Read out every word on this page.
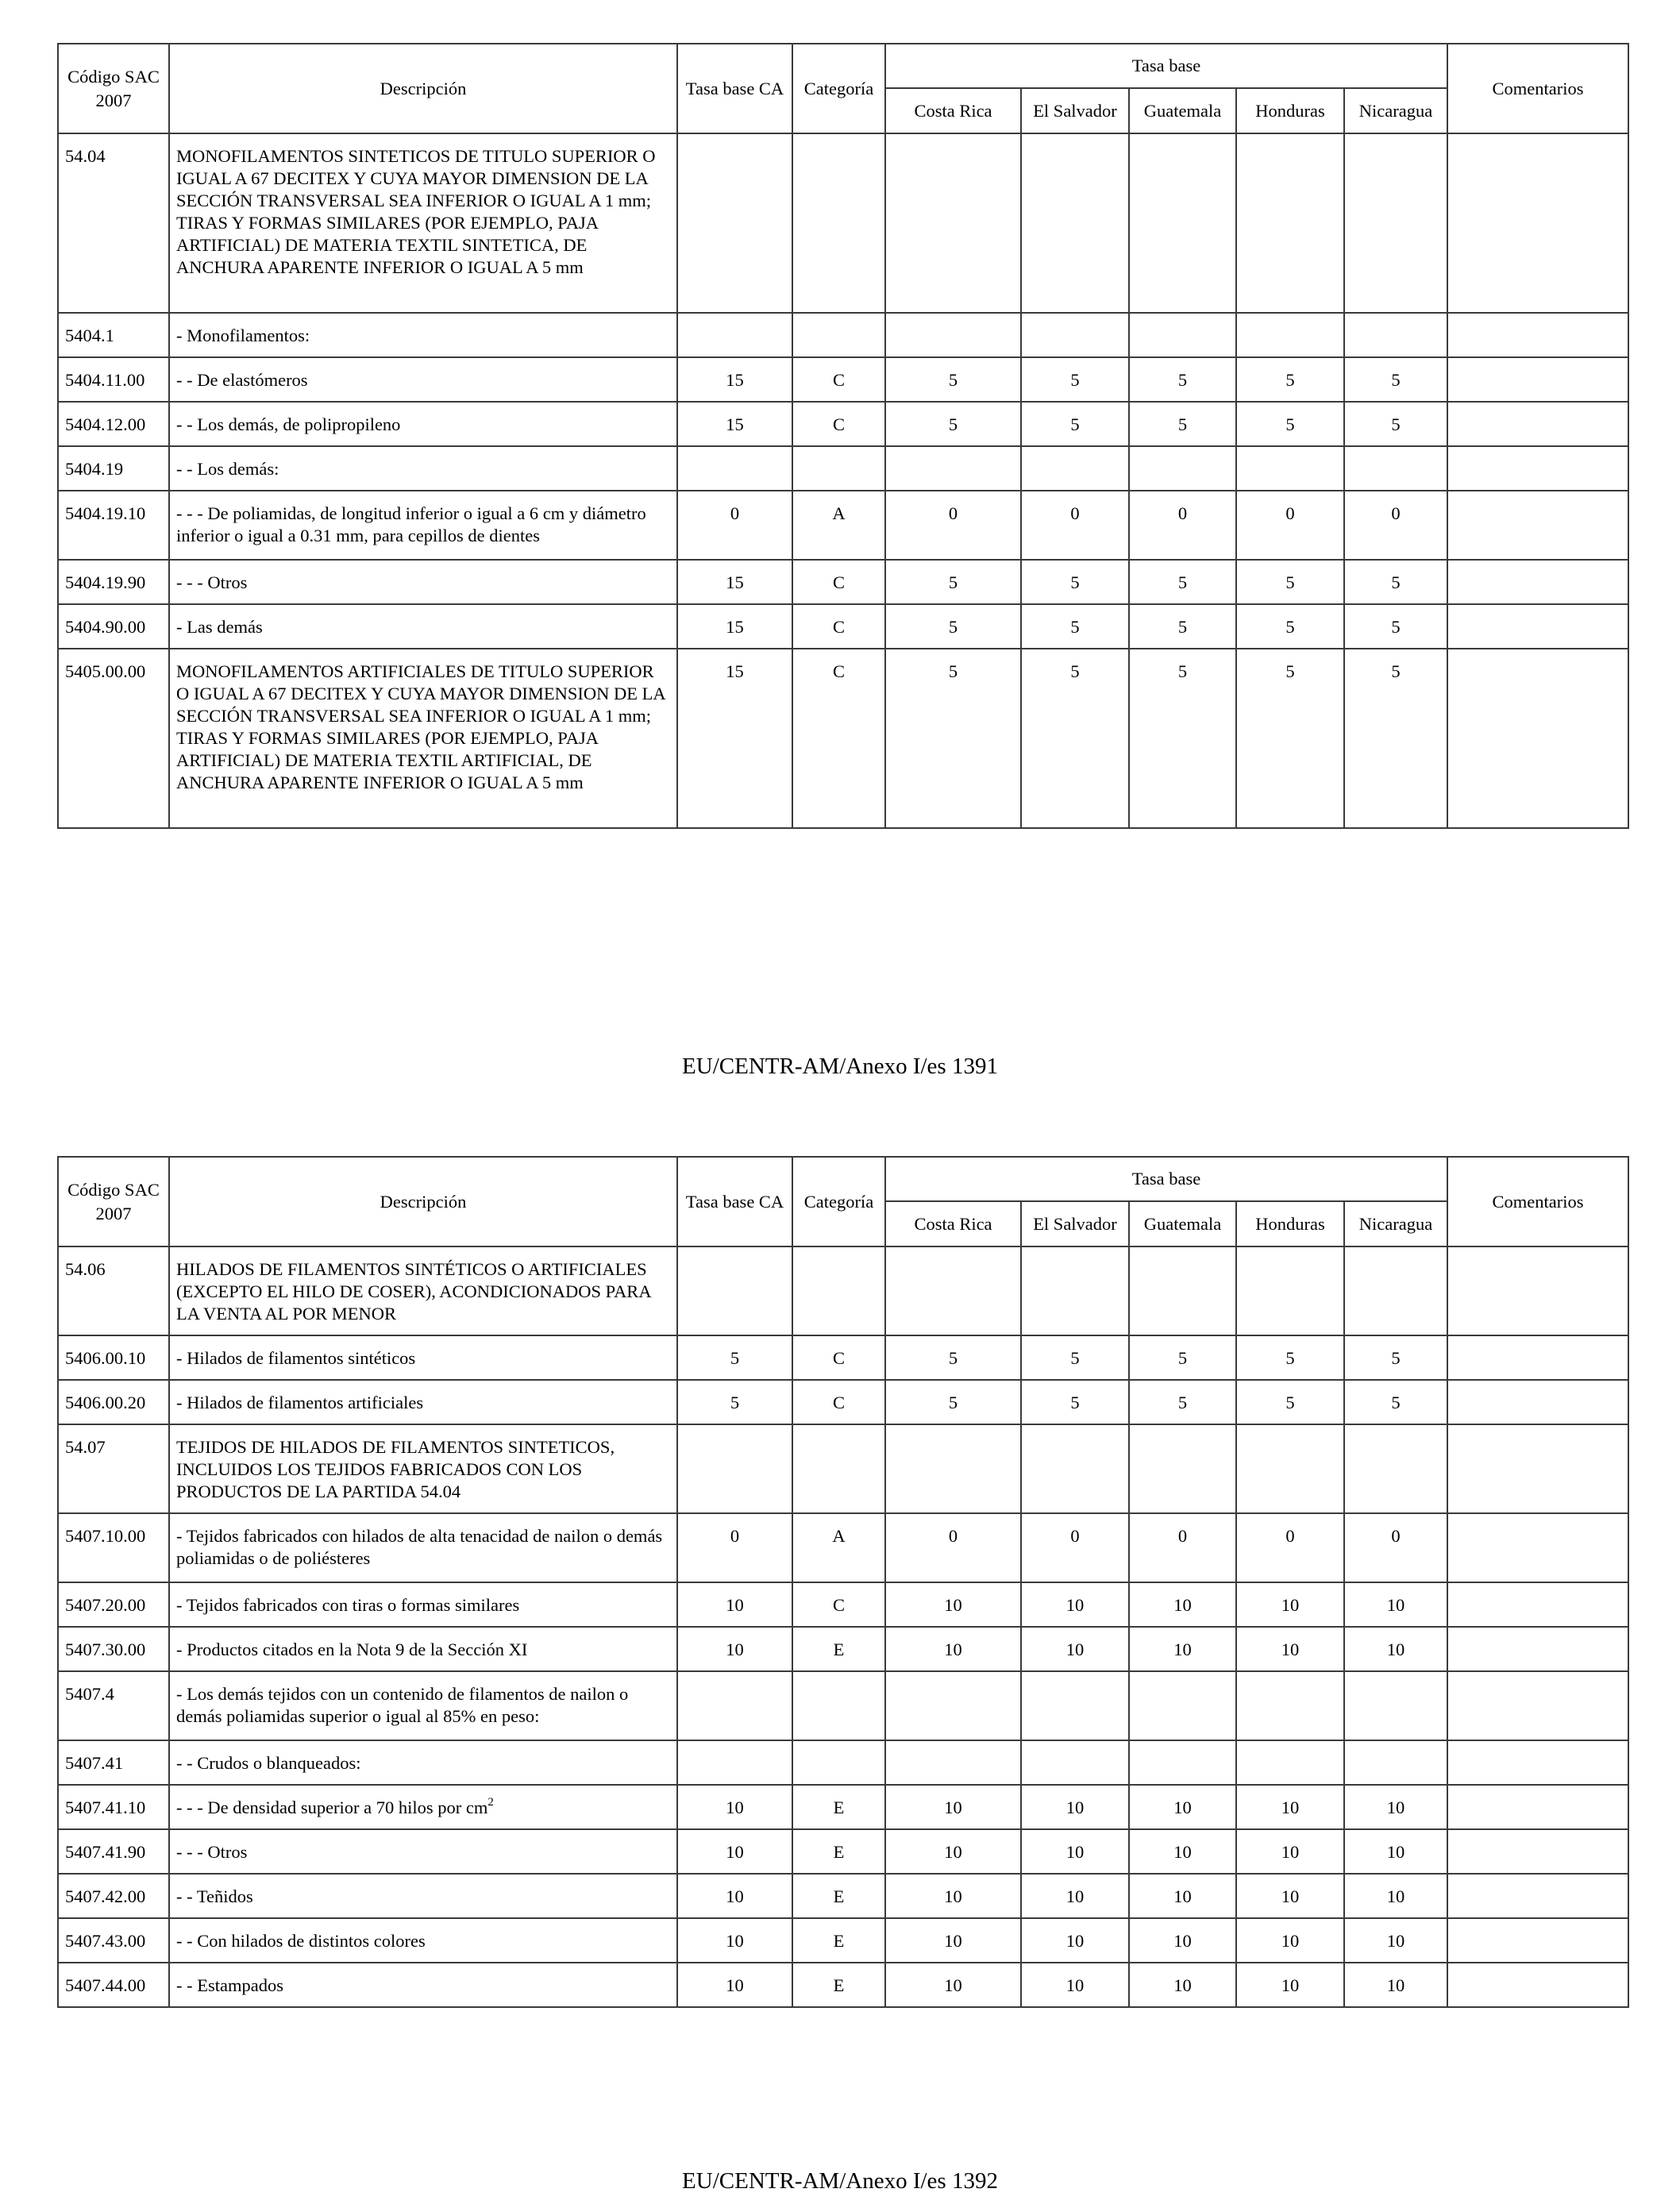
Código SAC
2007	Descripción	Tasa base CA	Categoría	Tasa base					Comentarios
				Costa Rica	El Salvador	Guatemala	Honduras	Nicaragua	
54.04	MONOFILAMENTOS SINTETICOS DE TITULO SUPERIOR O IGUAL A 67 DECITEX Y CUYA MAYOR DIMENSION DE LA SECCIÓN TRANSVERSAL SEA INFERIOR O IGUAL A 1 mm; TIRAS Y FORMAS SIMILARES (POR EJEMPLO, PAJA ARTIFICIAL) DE MATERIA TEXTIL SINTETICA, DE ANCHURA APARENTE INFERIOR O IGUAL A 5 mm								
5404.1	- Monofilamentos:								
5404.11.00	- - De elastómeros	15	C	5	5	5	5	5	
5404.12.00	- - Los demás, de polipropileno	15	C	5	5	5	5	5	
5404.19	- - Los demás:								
5404.19.10	- - - De poliamidas, de longitud inferior o igual a 6 cm y diámetro inferior o igual a 0.31 mm, para cepillos de dientes	0	A	0	0	0	0	0	
5404.19.90	- - - Otros	15	C	5	5	5	5	5	
5404.90.00	- Las demás	15	C	5	5	5	5	5	
5405.00.00	MONOFILAMENTOS ARTIFICIALES DE TITULO SUPERIOR O IGUAL A 67 DECITEX Y CUYA MAYOR DIMENSION DE LA SECCIÓN TRANSVERSAL SEA INFERIOR O IGUAL A 1 mm; TIRAS Y FORMAS SIMILARES (POR EJEMPLO, PAJA ARTIFICIAL) DE MATERIA TEXTIL ARTIFICIAL, DE ANCHURA APARENTE INFERIOR O IGUAL A 5 mm	15	C	5	5	5	5	5	
EU/CENTR-AM/Anexo I/es 1391
Código SAC
2007	Descripción	Tasa base CA	Categoría	Tasa base					Comentarios
				Costa Rica	El Salvador	Guatemala	Honduras	Nicaragua	
54.06	HILADOS DE FILAMENTOS SINTÉTICOS O ARTIFICIALES (EXCEPTO EL HILO DE COSER), ACONDICIONADOS PARA LA VENTA AL POR MENOR								
5406.00.10	- Hilados de filamentos sintéticos	5	C	5	5	5	5	5	
5406.00.20	- Hilados de filamentos artificiales	5	C	5	5	5	5	5	
54.07	TEJIDOS DE HILADOS DE FILAMENTOS SINTETICOS, INCLUIDOS LOS TEJIDOS FABRICADOS CON LOS PRODUCTOS DE LA PARTIDA 54.04								
5407.10.00	- Tejidos fabricados con hilados de alta tenacidad de nailon o demás poliamidas o de poliésteres	0	A	0	0	0	0	0	
5407.20.00	- Tejidos fabricados con tiras o formas similares	10	C	10	10	10	10	10	
5407.30.00	- Productos citados en la Nota 9 de la Sección XI	10	E	10	10	10	10	10	
5407.4	- Los demás tejidos con un contenido de filamentos de nailon o demás poliamidas superior o igual al 85% en peso:								
5407.41	- - Crudos o blanqueados:								
5407.41.10	- - - De densidad superior a 70 hilos por $cm^2$	10	E	10	10	10	10	10	
5407.41.90	- - - Otros	10	E	10	10	10	10	10	
5407.42.00	- - Teñidos	10	E	10	10	10	10	10	
5407.43.00	- - Con hilados de distintos colores	10	E	10	10	10	10	10	
5407.44.00	- - Estampados	10	E	10	10	10	10	10	
EU/CENTR-AM/Anexo I/es 1392
